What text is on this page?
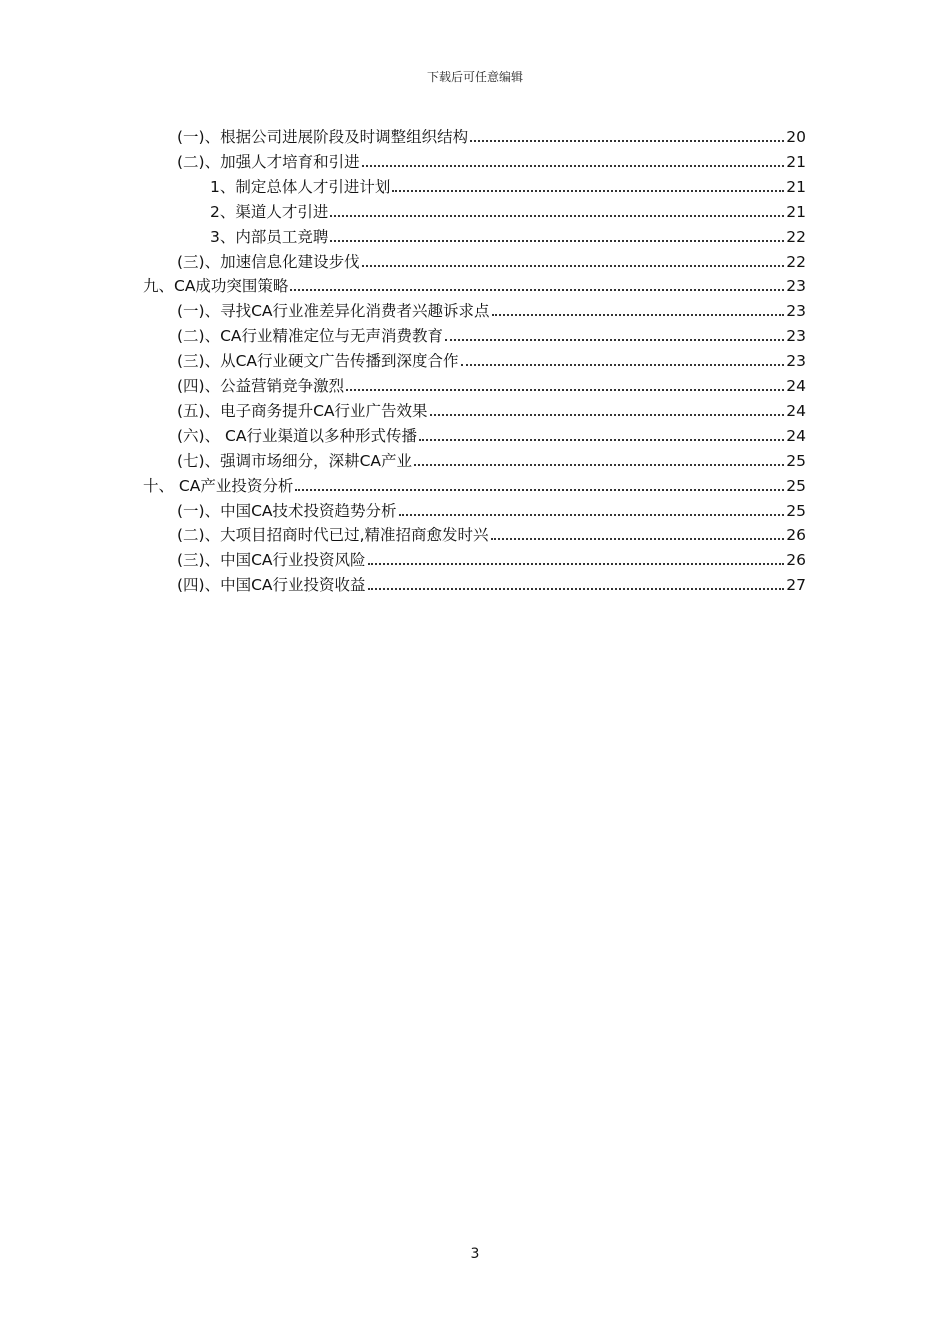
下载后可任意编辑
(一)、根据公司进展阶段及时调整组织结构	20
(二)、加强人才培育和引进	21
1、制定总体人才引进计划	21
2、渠道人才引进	21
3、内部员工竞聘	22
(三)、加速信息化建设步伐	22
九、CA成功突围策略	23
(一)、寻找CA行业准差异化消费者兴趣诉求点	23
(二)、CA行业精准定位与无声消费教育	23
(三)、从CA行业硬文广告传播到深度合作	23
(四)、公益营销竞争激烈	24
(五)、电子商务提升CA行业广告效果	24
(六)、 CA行业渠道以多种形式传播	24
(七)、强调市场细分，深耕CA产业	25
十、 CA产业投资分析	25
(一)、中国CA技术投资趋势分析	25
(二)、大项目招商时代已过,精准招商愈发时兴	26
(三)、中国CA行业投资风险	26
(四)、中国CA行业投资收益	27
3
